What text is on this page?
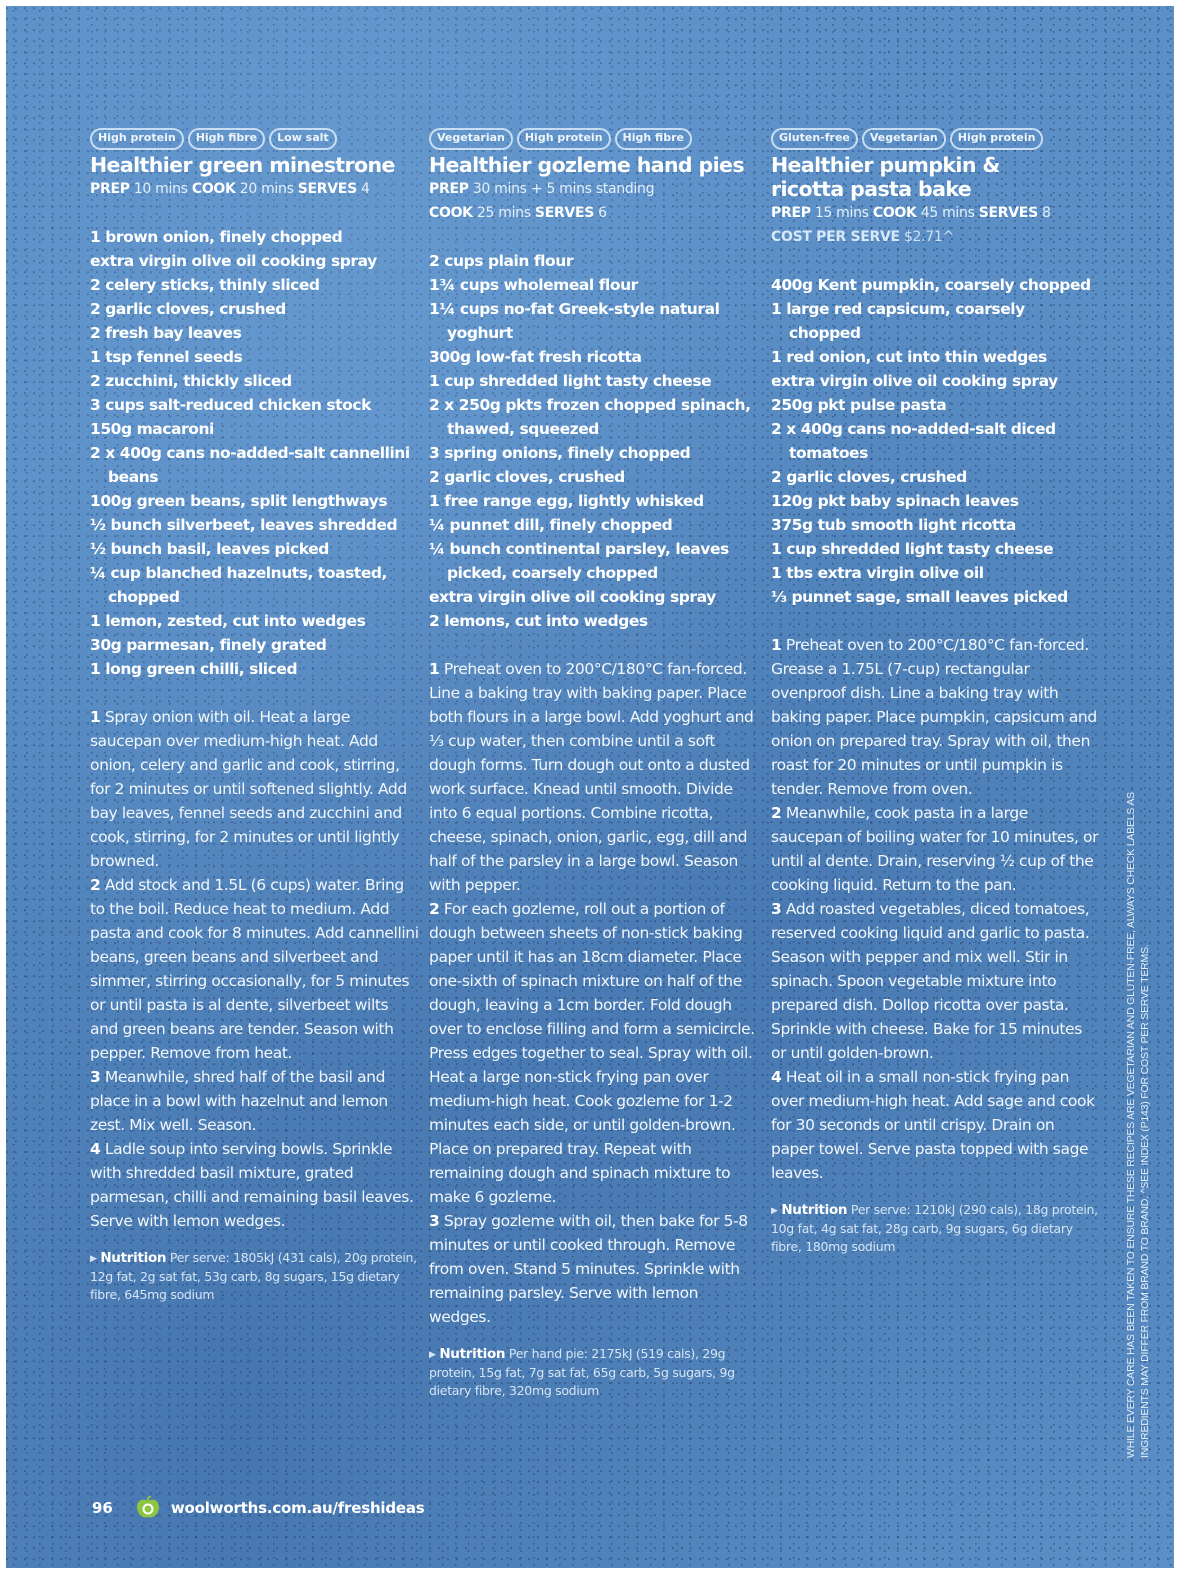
High protein	High fibre	Low salt
Healthier green minestrone
PREP 10 mins COOK 20 mins SERVES 4
1 brown onion, finely chopped
extra virgin olive oil cooking spray
2 celery sticks, thinly sliced
2 garlic cloves, crushed
2 fresh bay leaves
1 tsp fennel seeds
2 zucchini, thickly sliced
3 cups salt-reduced chicken stock
150g macaroni
2 x 400g cans no-added-salt cannellini beans
100g green beans, split lengthways
½ bunch silverbeet, leaves shredded
½ bunch basil, leaves picked
¼ cup blanched hazelnuts, toasted, chopped
1 lemon, zested, cut into wedges
30g parmesan, finely grated
1 long green chilli, sliced

1 Spray onion with oil. Heat a large saucepan over medium-high heat. Add onion, celery and garlic and cook, stirring, for 2 minutes or until softened slightly. Add bay leaves, fennel seeds and zucchini and cook, stirring, for 2 minutes or until lightly browned.

2 Add stock and 1.5L (6 cups) water. Bring to the boil. Reduce heat to medium. Add pasta and cook for 8 minutes. Add cannellini beans, green beans and silverbeet and simmer, stirring occasionally, for 5 minutes or until pasta is al dente, silverbeet wilts and green beans are tender. Season with pepper. Remove from heat.

3 Meanwhile, shred half of the basil and place in a bowl with hazelnut and lemon zest. Mix well. Season.

4 Ladle soup into serving bowls. Sprinkle with shredded basil mixture, grated parmesan, chilli and remaining basil leaves. Serve with lemon wedges.

▶ Nutrition Per serve: 1805kJ (431 cals), 20g protein, 12g fat, 2g sat fat, 53g carb, 8g sugars, 15g dietary fibre, 645mg sodium
Vegetarian	High protein	High fibre
Healthier gozleme hand pies
PREP 30 mins + 5 mins standing
COOK 25 mins SERVES 6
2 cups plain flour
1¾ cups wholemeal flour
1¼ cups no-fat Greek-style natural yoghurt
300g low-fat fresh ricotta
1 cup shredded light tasty cheese
2 x 250g pkts frozen chopped spinach, thawed, squeezed
3 spring onions, finely chopped
2 garlic cloves, crushed
1 free range egg, lightly whisked
¼ punnet dill, finely chopped
¼ bunch continental parsley, leaves picked, coarsely chopped
extra virgin olive oil cooking spray
2 lemons, cut into wedges

1 Preheat oven to 200°C/180°C fan-forced. Line a baking tray with baking paper. Place both flours in a large bowl. Add yoghurt and ⅓ cup water, then combine until a soft dough forms. Turn dough out onto a dusted work surface. Knead until smooth. Divide into 6 equal portions. Combine ricotta, cheese, spinach, onion, garlic, egg, dill and half of the parsley in a large bowl. Season with pepper.

2 For each gozleme, roll out a portion of dough between sheets of non-stick baking paper until it has an 18cm diameter. Place one-sixth of spinach mixture on half of the dough, leaving a 1cm border. Fold dough over to enclose filling and form a semicircle. Press edges together to seal. Spray with oil. Heat a large non-stick frying pan over medium-high heat. Cook gozleme for 1-2 minutes each side, or until golden-brown. Place on prepared tray. Repeat with remaining dough and spinach mixture to make 6 gozleme.

3 Spray gozleme with oil, then bake for 5-8 minutes or until cooked through. Remove from oven. Stand 5 minutes. Sprinkle with remaining parsley. Serve with lemon wedges.

▶ Nutrition Per hand pie: 2175kJ (519 cals), 29g protein, 15g fat, 7g sat fat, 65g carb, 5g sugars, 9g dietary fibre, 320mg sodium
Gluten-free	Vegetarian	High protein
Healthier pumpkin & ricotta pasta bake
PREP 15 mins COOK 45 mins SERVES 8
COST PER SERVE $2.71^
400g Kent pumpkin, coarsely chopped
1 large red capsicum, coarsely chopped
1 red onion, cut into thin wedges
extra virgin olive oil cooking spray
250g pkt pulse pasta
2 x 400g cans no-added-salt diced tomatoes
2 garlic cloves, crushed
120g pkt baby spinach leaves
375g tub smooth light ricotta
1 cup shredded light tasty cheese
1 tbs extra virgin olive oil
⅓ punnet sage, small leaves picked

1 Preheat oven to 200°C/180°C fan-forced. Grease a 1.75L (7-cup) rectangular ovenproof dish. Line a baking tray with baking paper. Place pumpkin, capsicum and onion on prepared tray. Spray with oil, then roast for 20 minutes or until pumpkin is tender. Remove from oven.

2 Meanwhile, cook pasta in a large saucepan of boiling water for 10 minutes, or until al dente. Drain, reserving ½ cup of the cooking liquid. Return to the pan.

3 Add roasted vegetables, diced tomatoes, reserved cooking liquid and garlic to pasta. Season with pepper and mix well. Stir in spinach. Spoon vegetable mixture into prepared dish. Dollop ricotta over pasta. Sprinkle with cheese. Bake for 15 minutes or until golden-brown.

4 Heat oil in a small non-stick frying pan over medium-high heat. Add sage and cook for 30 seconds or until crispy. Drain on paper towel. Serve pasta topped with sage leaves.

▶ Nutrition Per serve: 1210kJ (290 cals), 18g protein, 10g fat, 4g sat fat, 28g carb, 9g sugars, 6g dietary fibre, 180mg sodium
96	woolworths.com.au/freshideas
WHILE EVERY CARE HAS BEEN TAKEN TO ENSURE THESE RECIPES ARE VEGETARIAN AND GLUTEN-FREE, ALWAYS CHECK LABELS AS INGREDIENTS MAY DIFFER FROM BRAND TO BRAND. ^SEE INDEX (P143) FOR COST PER SERVE TERMS.
